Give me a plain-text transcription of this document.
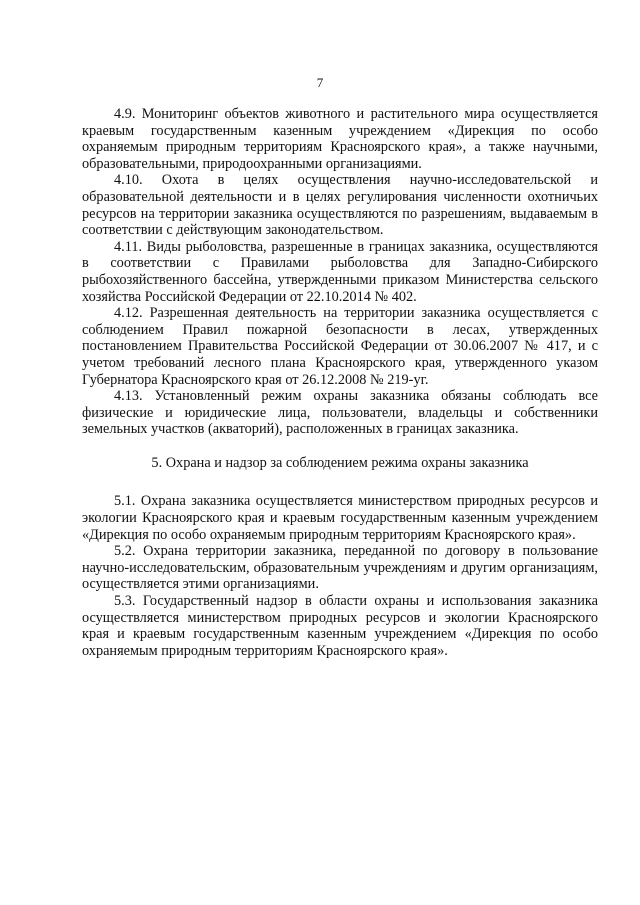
7

4.9. Мониторинг объектов животного и растительного мира осуществляется краевым государственным казенным учреждением «Дирекция по особо охраняемым природным территориям Красноярского края», а также научными, образовательными, природоохранными организациями.

4.10. Охота в целях осуществления научно-исследовательской и образовательной деятельности и в целях регулирования численности охотничьих ресурсов на территории заказника осуществляются по разрешениям, выдаваемым в соответствии с действующим законодательством.

4.11. Виды рыболовства, разрешенные в границах заказника, осуществляются в соответствии с Правилами рыболовства для Западно-Сибирского рыбохозяйственного бассейна, утвержденными приказом Министерства сельского хозяйства Российской Федерации от 22.10.2014 № 402.

4.12. Разрешенная деятельность на территории заказника осуществляется с соблюдением Правил пожарной безопасности в лесах, утвержденных постановлением Правительства Российской Федерации от 30.06.2007 № 417, и с учетом требований лесного плана Красноярского края, утвержденного указом Губернатора Красноярского края от 26.12.2008 № 219-уг.

4.13. Установленный режим охраны заказника обязаны соблюдать все физические и юридические лица, пользователи, владельцы и собственники земельных участков (акваторий), расположенных в границах заказника.

5. Охрана и надзор за соблюдением режима охраны заказника

5.1. Охрана заказника осуществляется министерством природных ресурсов и экологии Красноярского края и краевым государственным казенным учреждением «Дирекция по особо охраняемым природным территориям Красноярского края».

5.2. Охрана территории заказника, переданной по договору в пользование научно-исследовательским, образовательным учреждениям и другим организациям, осуществляется этими организациями.

5.3. Государственный надзор в области охраны и использования заказника осуществляется министерством природных ресурсов и экологии Красноярского края и краевым государственным казенным учреждением «Дирекция по особо охраняемым природным территориям Красноярского края».
